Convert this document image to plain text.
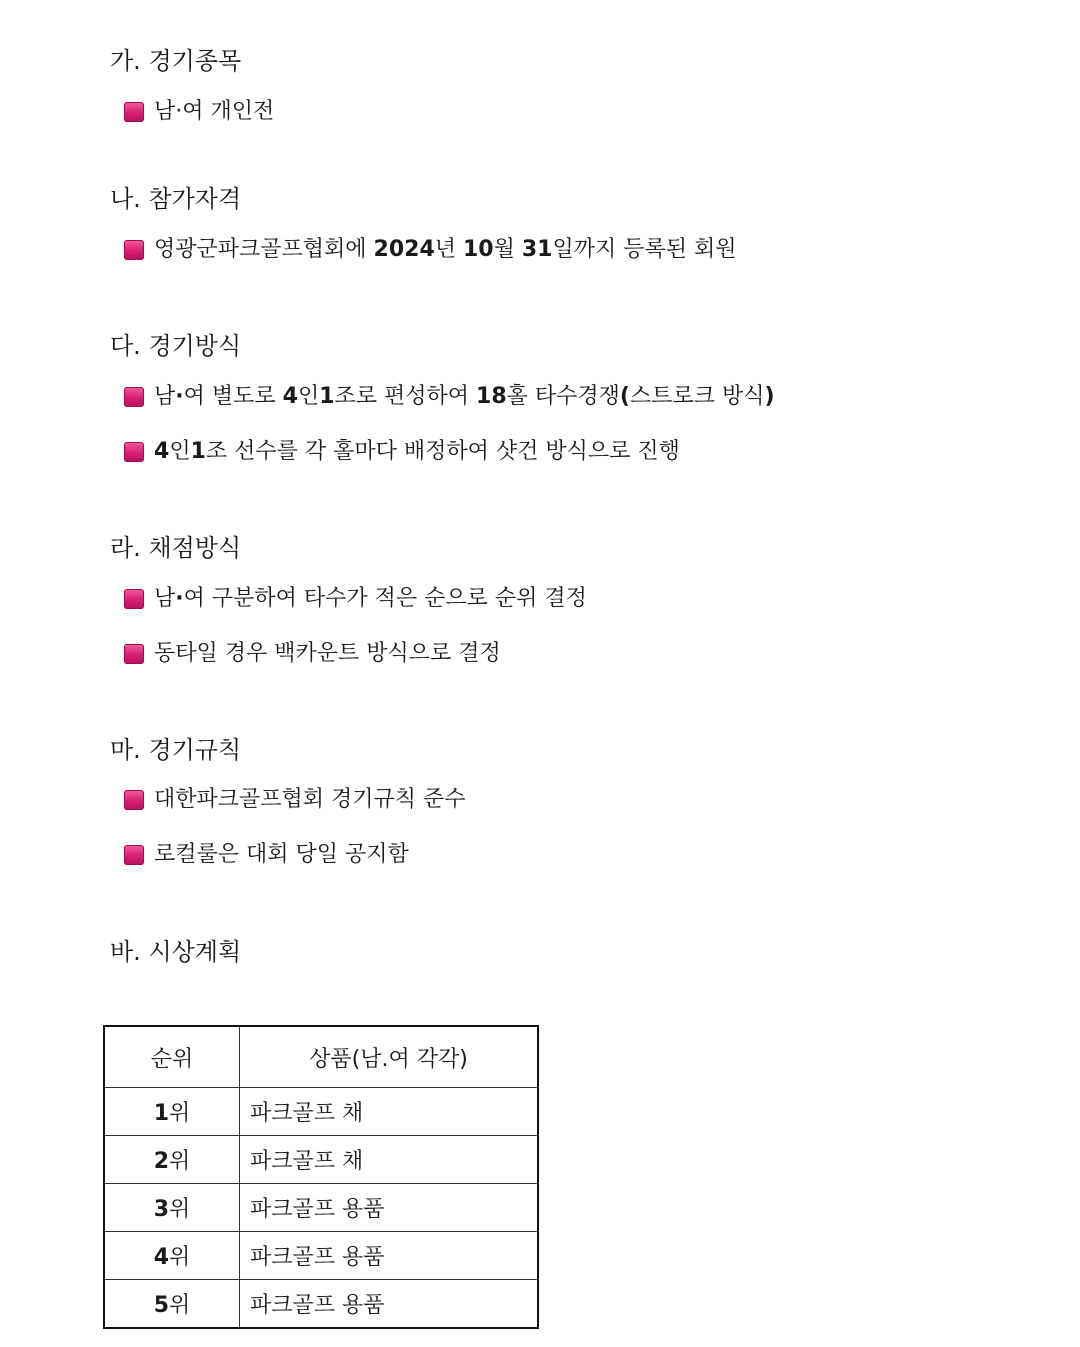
가. 경기종목
남·여 개인전
나. 참가자격
영광군파크골프협회에 2024년 10월 31일까지 등록된 회원
다. 경기방식
남·여 별도로 4인1조로 편성하여 18홀 타수경쟁(스트로크 방식)
4인1조 선수를 각 홀마다 배정하여 샷건 방식으로 진행
라. 채점방식
남·여 구분하여 타수가 적은 순으로 순위 결정
동타일 경우 백카운트 방식으로 결정
마. 경기규칙
대한파크골프협회 경기규칙 준수
로컬룰은 대회 당일 공지함
바. 시상계획
순위	상품(남.여 각각)
1위	파크골프 채
2위	파크골프 채
3위	파크골프 용품
4위	파크골프 용품
5위	파크골프 용품
